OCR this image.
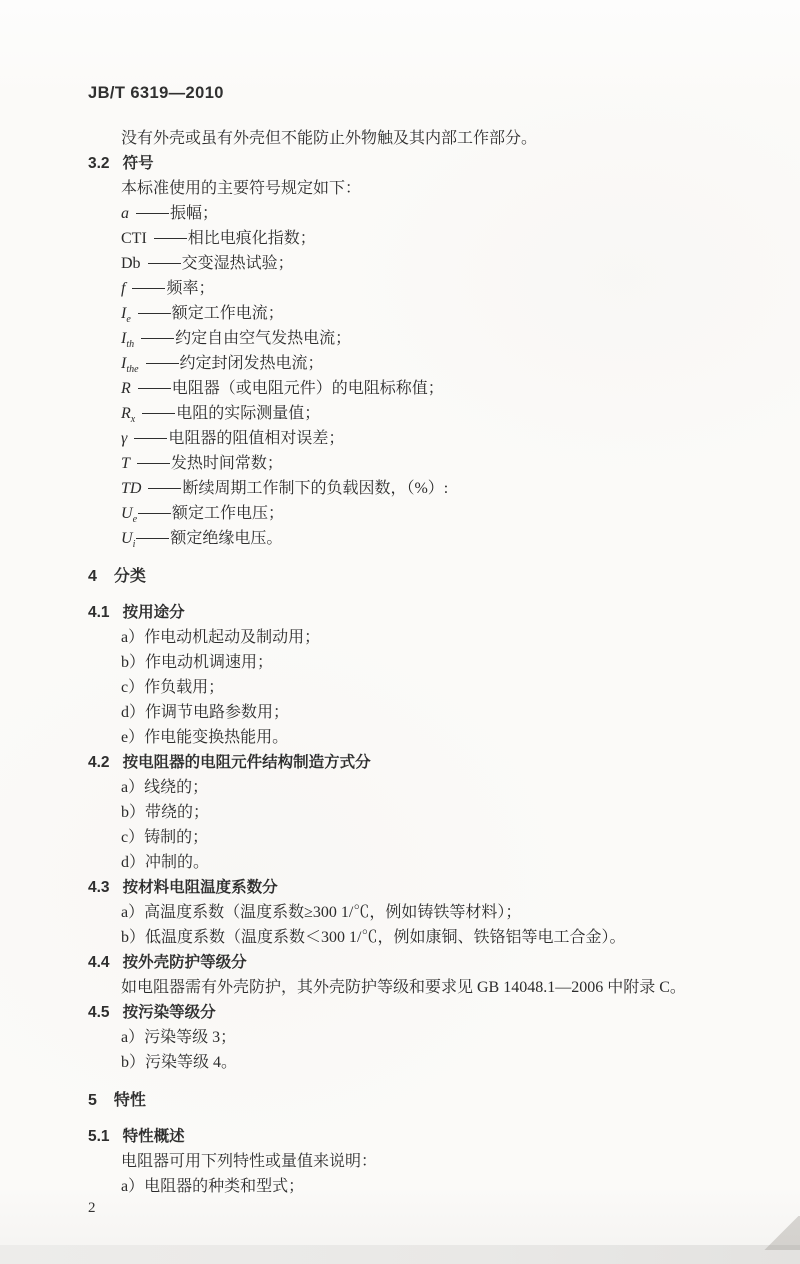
JB/T 6319—2010
没有外壳或虽有外壳但不能防止外物触及其内部工作部分。
3.2 符号
本标准使用的主要符号规定如下：
a	振幅；
CTI	相比电痕化指数；
Db	交变湿热试验；
f	频率；
$I_e$	额定工作电流；
$I_{th}$	约定自由空气发热电流；
$I_{the}$	约定封闭发热电流；
R	电阻器（或电阻元件）的电阻标称值；
$R_x$	电阻的实际测量值；
γ	电阻器的阻值相对误差；
T	发热时间常数；
TD	断续周期工作制下的负载因数，（%）:
$U_e$ 额定工作电压；
$U_i$ 额定绝缘电压。
4 分类
4.1 按用途分
a）作电动机起动及制动用；
b）作电动机调速用；
c）作负载用；
d）作调节电路参数用；
e）作电能变换热能用。
4.2 按电阻器的电阻元件结构制造方式分
a）线绕的；
b）带绕的；
c）铸制的；
d）冲制的。
4.3 按材料电阻温度系数分
a）高温度系数（温度系数≥300 1/℃，例如铸铁等材料）；
b）低温度系数（温度系数＜300 1/℃，例如康铜、铁铬铝等电工合金）。
4.4 按外壳防护等级分
如电阻器需有外壳防护，其外壳防护等级和要求见 GB 14048.1—2006 中附录 C。
4.5 按污染等级分
a）污染等级 3；
b）污染等级 4。
5 特性
5.1 特性概述
电阻器可用下列特性或量值来说明：
a）电阻器的种类和型式；
2
